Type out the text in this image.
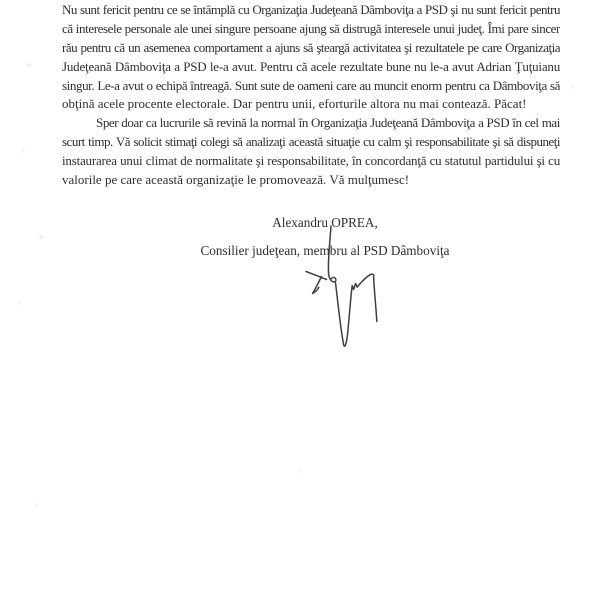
Nu sunt fericit pentru ce se întâmplă cu Organizaţia Judeţeană Dâmboviţa a PSD şi nu sunt fericit pentru
că interesele personale ale unei singure persoane ajung să distrugă interesele unui judeţ. Îmi pare sincer
rău pentru că un asemenea comportament a ajuns să şteargă activitatea şi rezultatele pe care Organizaţia
Judeţeană Dâmboviţa a PSD le-a avut. Pentru că acele rezultate bune nu le-a avut Adrian Ţuţuianu
singur. Le-a avut o echipă întreagă. Sunt sute de oameni care au muncit enorm pentru ca Dâmboviţa să
obţină acele procente electorale. Dar pentru unii, eforturile altora nu mai contează. Păcat!
Sper doar ca lucrurile să revină la normal în Organizaţia Judeţeană Dâmboviţa a PSD în cel mai
scurt timp. Vă solicit stimaţi colegi să analizaţi această situaţie cu calm şi responsabilitate şi să dispuneţi
instaurarea unui climat de normalitate şi responsabilitate, în concordanţă cu statutul partidului şi cu
valorile pe care această organizaţie le promovează. Vă mulţumesc!
Alexandru OPREA,
Consilier judeţean, membru al PSD Dâmboviţa
